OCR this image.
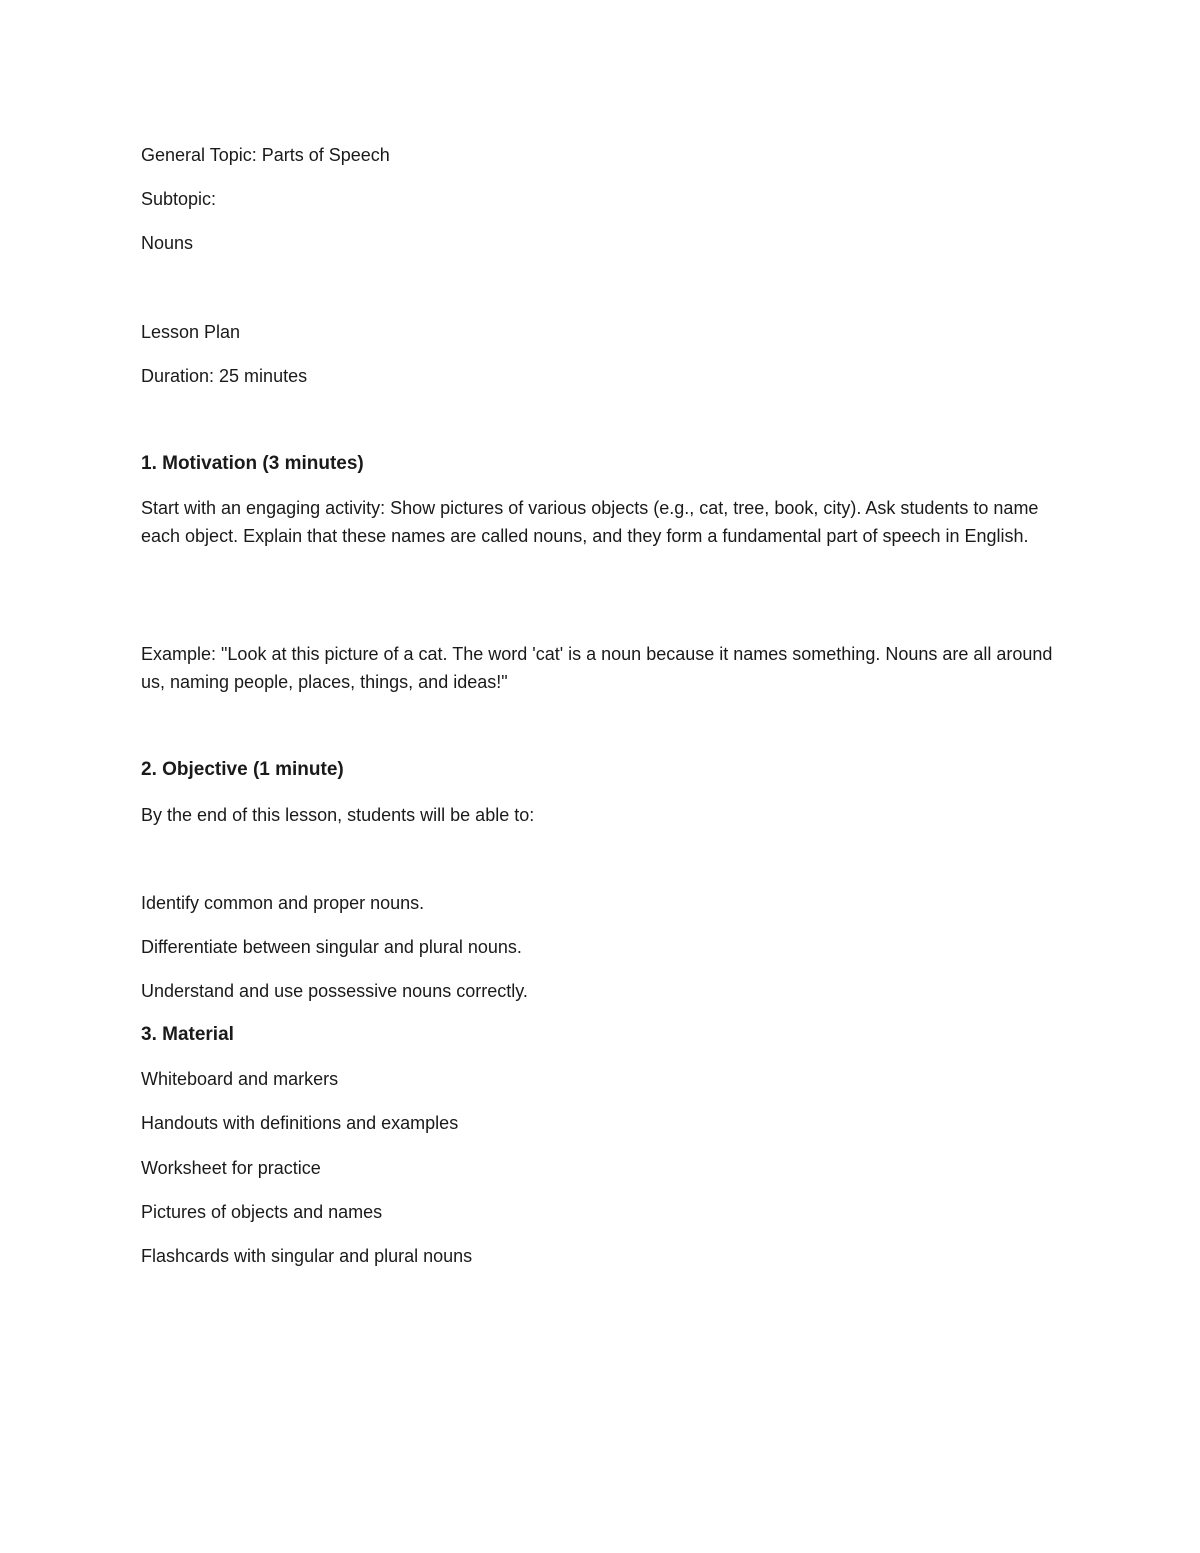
General Topic: Parts of Speech

Subtopic:

Nouns

Lesson Plan

Duration: 25 minutes

1. Motivation (3 minutes)

Start with an engaging activity: Show pictures of various objects (e.g., cat, tree, book, city). Ask students to name each object. Explain that these names are called nouns, and they form a fundamental part of speech in English.

Example: "Look at this picture of a cat. The word 'cat' is a noun because it names something. Nouns are all around us, naming people, places, things, and ideas!"

2. Objective (1 minute)

By the end of this lesson, students will be able to:

Identify common and proper nouns.

Differentiate between singular and plural nouns.

Understand and use possessive nouns correctly.

3. Material

Whiteboard and markers

Handouts with definitions and examples

Worksheet for practice

Pictures of objects and names

Flashcards with singular and plural nouns
